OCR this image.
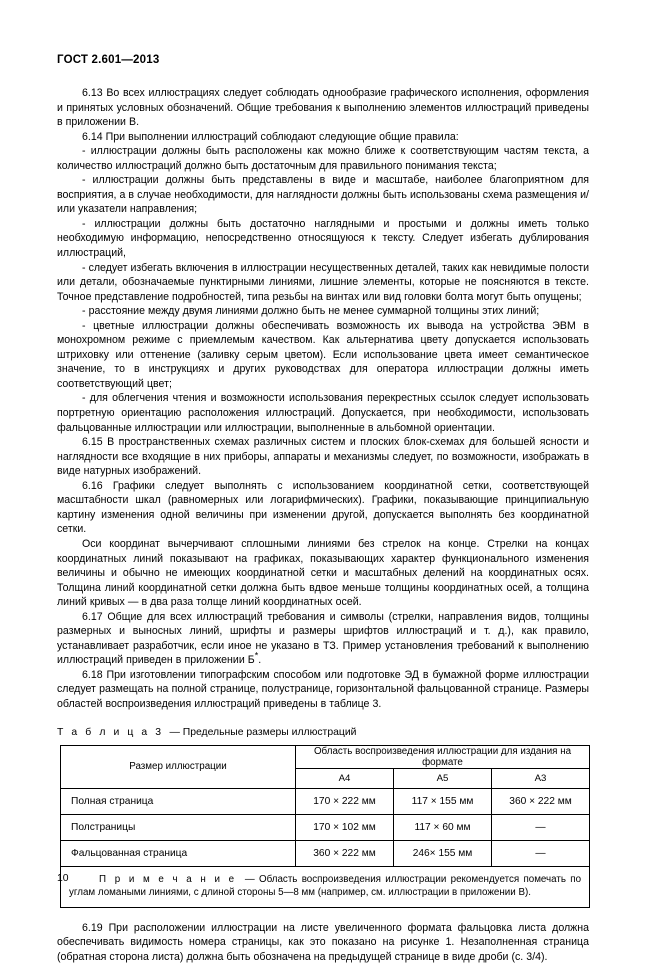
ГОСТ 2.601—2013

6.13 Во всех иллюстрациях следует соблюдать однообразие графического исполнения, оформления и принятых условных обозначений. Общие требования к выполнению элементов иллюстраций приведены в приложении В.

6.14 При выполнении иллюстраций соблюдают следующие общие правила:

- иллюстрации должны быть расположены как можно ближе к соответствующим частям текста, а количество иллюстраций должно быть достаточным для правильного понимания текста;

- иллюстрации должны быть представлены в виде и масштабе, наиболее благоприятном для восприятия, а в случае необходимости, для наглядности должны быть использованы схема размещения и/или указатели направления;

- иллюстрации должны быть достаточно наглядными и простыми и должны иметь только необходимую информацию, непосредственно относящуюся к тексту. Следует избегать дублирования иллюстраций,

- следует избегать включения в иллюстрации несущественных деталей, таких как невидимые полости или детали, обозначаемые пунктирными линиями, лишние элементы, которые не поясняются в тексте. Точное представление подробностей, типа резьбы на винтах или вид головки болта могут быть опущены;

- расстояние между двумя линиями должно быть не менее суммарной толщины этих линий;

- цветные иллюстрации должны обеспечивать возможность их вывода на устройства ЭВМ в монохромном режиме с приемлемым качеством. Как альтернатива цвету допускается использовать штриховку или оттенение (заливку серым цветом). Если использование цвета имеет семантическое значение, то в инструкциях и других руководствах для оператора иллюстрации должны иметь соответствующий цвет;

- для облегчения чтения и возможности использования перекрестных ссылок следует использовать портретную ориентацию расположения иллюстраций. Допускается, при необходимости, использовать фальцованные иллюстрации или иллюстрации, выполненные в альбомной ориентации.

6.15 В пространственных схемах различных систем и плоских блок-схемах для большей ясности и наглядности все входящие в них приборы, аппараты и механизмы следует, по возможности, изображать в виде натурных изображений.

6.16 Графики следует выполнять с использованием координатной сетки, соответствующей масштабности шкал (равномерных или логарифмических). Графики, показывающие принципиальную картину изменения одной величины при изменении другой, допускается выполнять без координатной сетки.

Оси координат вычерчивают сплошными линиями без стрелок на конце. Стрелки на концах координатных линий показывают на графиках, показывающих характер функционального изменения величины и обычно не имеющих координатной сетки и масштабных делений на координатных осях. Толщина линий координатной сетки должна быть вдвое меньше толщины координатных осей, а толщина линий кривых — в два раза толще линий координатных осей.

6.17 Общие для всех иллюстраций требования и символы (стрелки, направления видов, толщины размерных и выносных линий, шрифты и размеры шрифтов иллюстраций и т. д.), как правило, устанавливает разработчик, если иное не указано в ТЗ. Пример установления требований к выполнению иллюстраций приведен в приложении Б*.

6.18 При изготовлении типографским способом или подготовке ЭД в бумажной форме иллюстрации следует размещать на полной странице, полустранице, горизонтальной фальцованной странице. Размеры областей воспроизведения иллюстраций приведены в таблице 3.

Т а б л и ц а 3 — Предельные размеры иллюстраций
Размер иллюстрации	Область воспроизведения иллюстрации для издания на формате		
	А4	А5	А3
Полная страница	170 × 222 мм	117 × 155 мм	360 × 222 мм
Полстраницы	170 × 102 мм	117 × 60 мм	—
Фальцованная страница	360 × 222 мм	246× 155 мм	—
П р и м е ч а н и е — Область воспроизведения иллюстрации рекомендуется помечать по углам ломаными линиями, с длиной стороны 5—8 мм (например, см. иллюстрации в приложении В).			

6.19 При расположении иллюстрации на листе увеличенного формата фальцовка листа должна обеспечивать видимость номера страницы, как это показано на рисунке 1. Незаполненная страница (обратная сторона листа) должна быть обозначена на предыдущей странице в виде дроби (с. 3/4).

10
